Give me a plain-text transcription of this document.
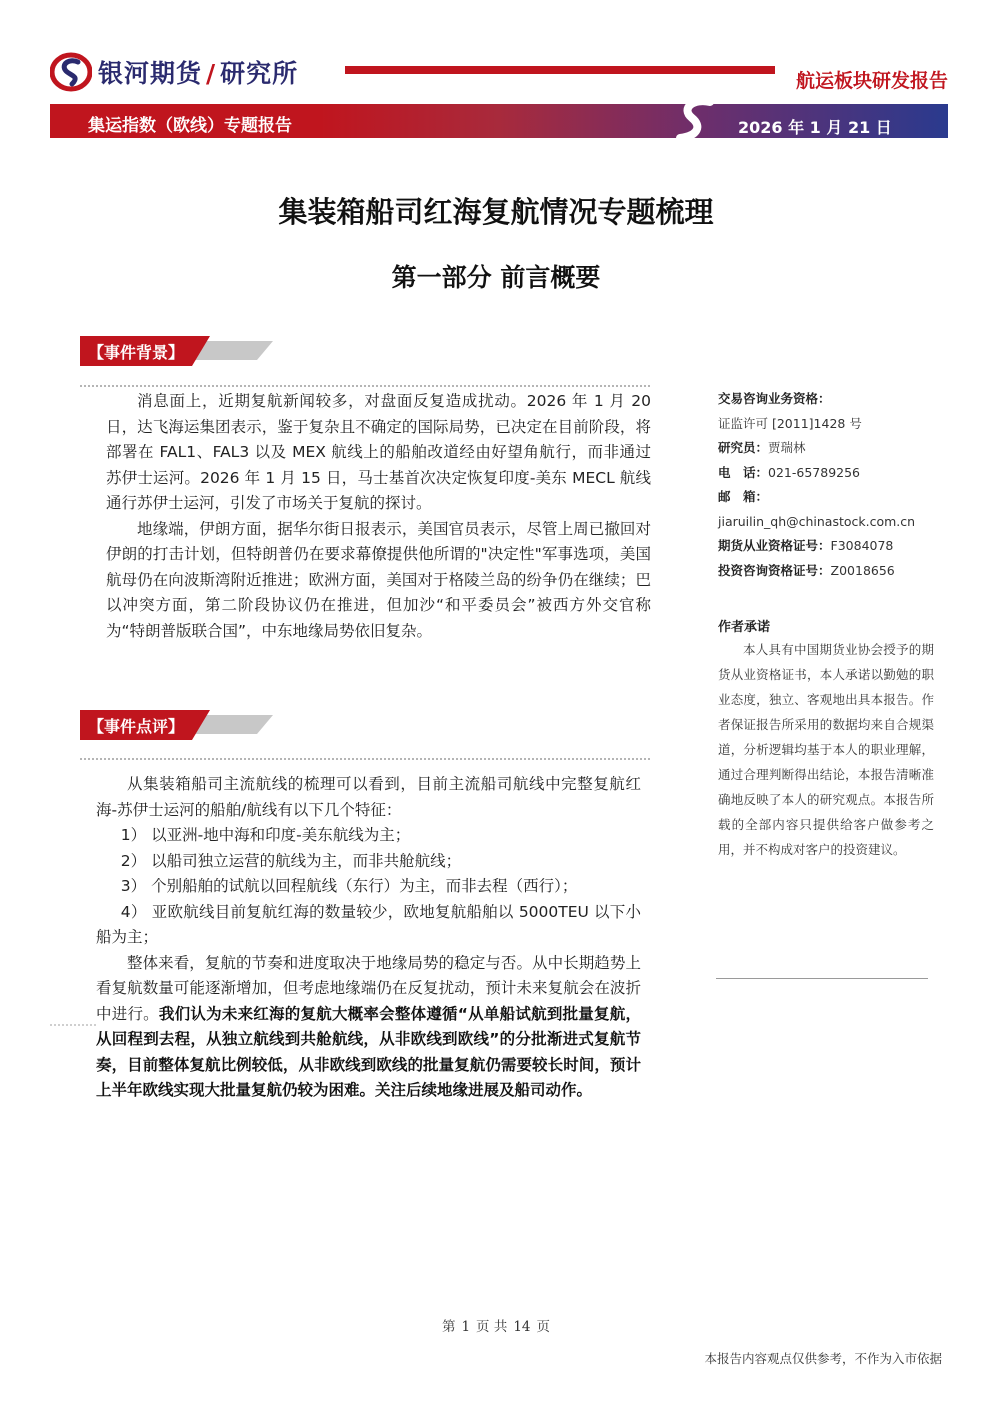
银河期货 / 研究所	航运板块研发报告
集运指数（欧线）专题报告	2026 年 1 月 21 日
集装箱船司红海复航情况专题梳理
第一部分 前言概要
【事件背景】

消息面上，近期复航新闻较多，对盘面反复造成扰动。2026 年 1 月 20 日，达飞海运集团表示，鉴于复杂且不确定的国际局势，已决定在目前阶段，将部署在 FAL1、FAL3 以及 MEX 航线上的船舶改道经由好望角航行，而非通过苏伊士运河。2026 年 1 月 15 日，马士基首次决定恢复印度-美东 MECL 航线通行苏伊士运河，引发了市场关于复航的探讨。

地缘端，伊朗方面，据华尔街日报表示，美国官员表示，尽管上周已撤回对伊朗的打击计划，但特朗普仍在要求幕僚提供他所谓的"决定性"军事选项，美国航母仍在向波斯湾附近推进；欧洲方面，美国对于格陵兰岛的纷争仍在继续；巴以冲突方面，第二阶段协议仍在推进，但加沙“和平委员会”被西方外交官称为“特朗普版联合国”，中东地缘局势依旧复杂。

【事件点评】

从集装箱船司主流航线的梳理可以看到，目前主流船司航线中完整复航红海-苏伊士运河的船舶/航线有以下几个特征：

1） 以亚洲-地中海和印度-美东航线为主；

2） 以船司独立运营的航线为主，而非共舱航线；

3） 个别船舶的试航以回程航线（东行）为主，而非去程（西行）；

4） 亚欧航线目前复航红海的数量较少，欧地复航船舶以 5000TEU 以下小船为主；

整体来看，复航的节奏和进度取决于地缘局势的稳定与否。从中长期趋势上看复航数量可能逐渐增加，但考虑地缘端仍在反复扰动，预计未来复航会在波折中进行。我们认为未来红海的复航大概率会整体遵循“从单船试航到批量复航，从回程到去程，从独立航线到共舱航线，从非欧线到欧线”的分批渐进式复航节奏，目前整体复航比例较低，从非欧线到欧线的批量复航仍需要较长时间，预计上半年欧线实现大批量复航仍较为困难。关注后续地缘进展及船司动作。

交易咨询业务资格：
证监许可 [2011]1428 号
研究员：贾瑞林
电　话：021-65789256
邮　箱：
jiaruilin_qh@chinastock.com.cn
期货从业资格证号：F3084078
投资咨询资格证号：Z0018656
作者承诺
本人具有中国期货业协会授予的期货从业资格证书，本人承诺以勤勉的职业态度，独立、客观地出具本报告。作者保证报告所采用的数据均来自合规渠道，分析逻辑均基于本人的职业理解，通过合理判断得出结论，本报告清晰准确地反映了本人的研究观点。本报告所载的全部内容只提供给客户做参考之用，并不构成对客户的投资建议。
第 1 页 共 14 页
本报告内容观点仅供参考，不作为入市依据
